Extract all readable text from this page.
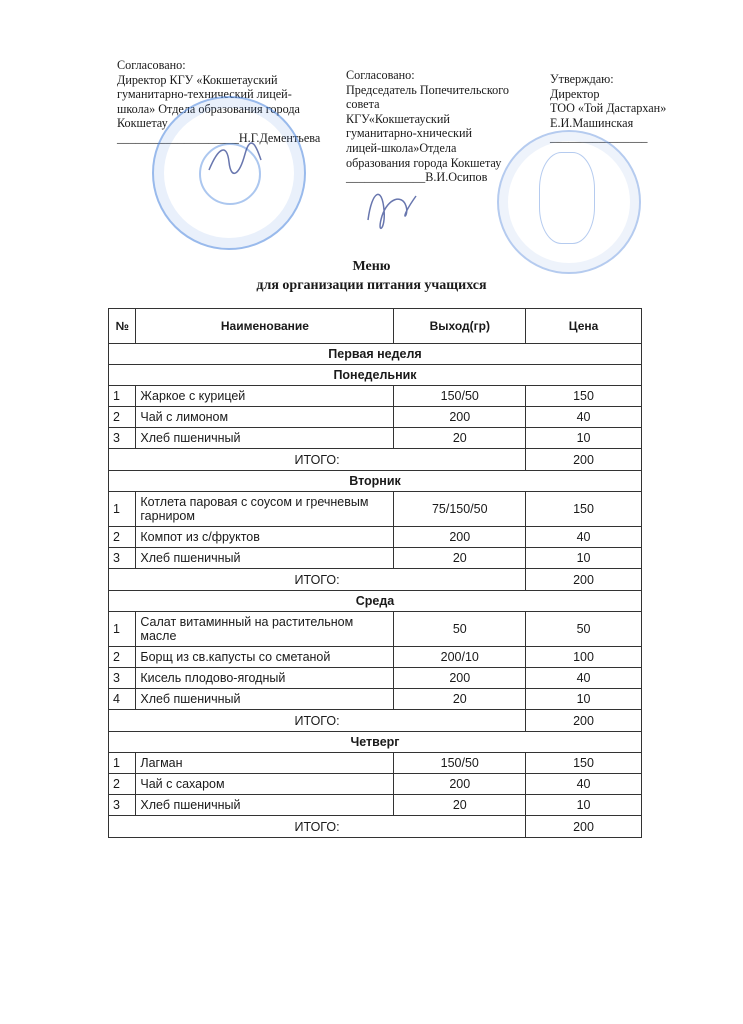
Согласовано:
Директор КГУ «Кокшетауский
гуманитарно-технический лицей-
школа» Отдела образования города
Кокшетау
____________________Н.Г.Дементьева
Согласовано:
Председатель Попечительского
совета
КГУ«Кокшетауский
гуманитарно-хнический
лицей-школа»Отдела
образования города Кокшетау
_____________В.И.Осипов
Утверждаю:
Директор
ТОО «Той Дастархан»
Е.И.Машинская
________________
Меню
для организации питания учащихся
№	Наименование	Выход(гр)	Цена
Первая неделя			
Понедельник			
1	Жаркое с курицей	150/50	150
2	Чай с лимоном	200	40
3	Хлеб пшеничный	20	10
ИТОГО:			200
Вторник			
1	Котлета паровая с соусом и гречневым гарниром	75/150/50	150
2	Компот из с/фруктов	200	40
3	Хлеб пшеничный	20	10
ИТОГО:			200
Среда			
1	Салат витаминный на растительном масле	50	50
2	Борщ из св.капусты со сметаной	200/10	100
3	Кисель плодово-ягодный	200	40
4	Хлеб пшеничный	20	10
ИТОГО:			200
Четверг			
1	Лагман	150/50	150
2	Чай с сахаром	200	40
3	Хлеб пшеничный	20	10
ИТОГО:			200
